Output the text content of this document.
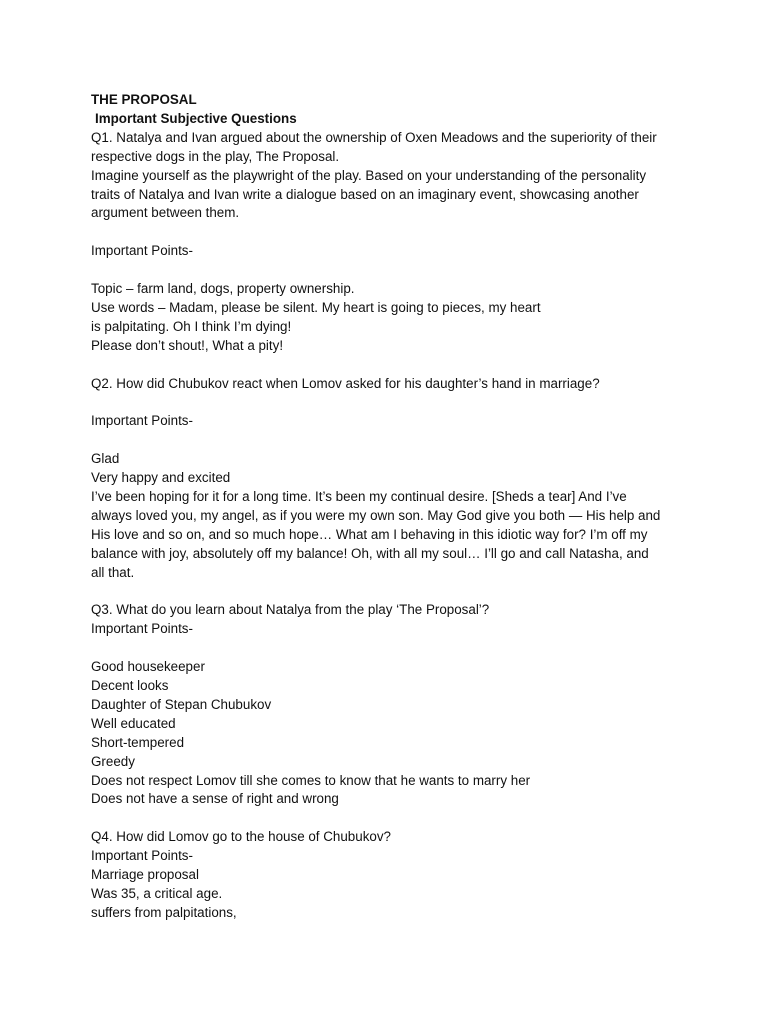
THE PROPOSAL
Important Subjective Questions
Q1. Natalya and Ivan argued about the ownership of Oxen Meadows and the superiority of their
respective dogs in the play, The Proposal.
Imagine yourself as the playwright of the play. Based on your understanding of the personality
traits of Natalya and Ivan write a dialogue based on an imaginary event, showcasing another
argument between them.
Important Points-
Topic – farm land, dogs, property ownership.
Use words – Madam, please be silent. My heart is going to pieces, my heart
is palpitating. Oh I think I’m dying!
Please don’t shout!, What a pity!
Q2. How did Chubukov react when Lomov asked for his daughter’s hand in marriage?
Important Points-
Glad
Very happy and excited
I’ve been hoping for it for a long time. It’s been my continual desire. [Sheds a tear] And I’ve
always loved you, my angel, as if you were my own son. May God give you both — His help and
His love and so on, and so much hope… What am I behaving in this idiotic way for? I’m off my
balance with joy, absolutely off my balance! Oh, with all my soul… I’ll go and call Natasha, and
all that.
Q3. What do you learn about Natalya from the play ‘The Proposal’?
Important Points-
Good housekeeper
Decent looks
Daughter of Stepan Chubukov
Well educated
Short-tempered
Greedy
Does not respect Lomov till she comes to know that he wants to marry her
Does not have a sense of right and wrong
Q4. How did Lomov go to the house of Chubukov?
Important Points-
Marriage proposal
Was 35, a critical age.
suffers from palpitations,
